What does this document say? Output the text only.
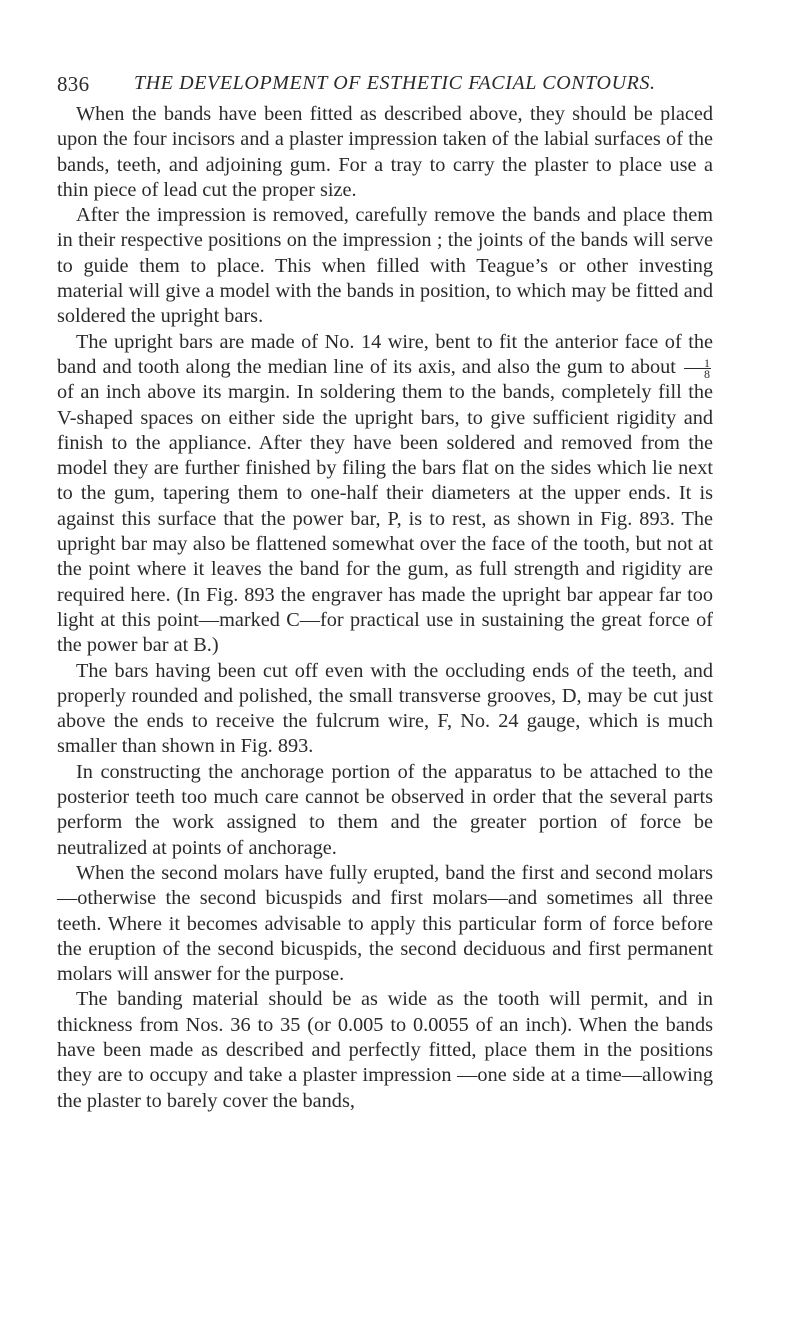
836 THE DEVELOPMENT OF ESTHETIC FACIAL CONTOURS.

When the bands have been fitted as described above, they should be placed upon the four incisors and a plaster impression taken of the labial surfaces of the bands, teeth, and adjoining gum. For a tray to carry the plaster to place use a thin piece of lead cut the proper size.

After the impression is removed, carefully remove the bands and place them in their respective positions on the impression ; the joints of the bands will serve to guide them to place. This when filled with Teague’s or other investing material will give a model with the bands in position, to which may be fitted and soldered the upright bars.

The upright bars are made of No. 14 wire, bent to fit the anterior face of the band and tooth along the median line of its axis, and also the gum to about $\frac{1}{8}$
of an inch above its margin. In soldering them to the bands, completely fill the V-shaped spaces on either side the upright bars, to give sufficient rigidity and finish to the appliance. After they have been soldered and removed from the model they are further finished by filing the bars flat on the sides which lie next to the gum, tapering them to one-half their diameters at the upper ends. It is against this surface that the power bar, P, is to rest, as shown in Fig. 893. The upright bar may also be flattened somewhat over the face of the tooth, but not at the point where it leaves the band for the gum, as full strength and rigidity are required here. (In Fig. 893 the engraver has made the upright bar appear far too light at this point—marked C—for practical use in sustaining the great force of the power bar at B.)

The bars having been cut off even with the occluding ends of the teeth, and properly rounded and polished, the small transverse grooves, D, may be cut just above the ends to receive the fulcrum wire, F, No. 24 gauge, which is much smaller than shown in Fig. 893.

In constructing the anchorage portion of the apparatus to be attached to the posterior teeth too much care cannot be observed in order that the several parts perform the work assigned to them and the greater portion of force be neutralized at points of anchorage.

When the second molars have fully erupted, band the first and second molars—otherwise the second bicuspids and first molars—and sometimes all three teeth. Where it becomes advisable to apply this particular form of force before the eruption of the second bicuspids, the second deciduous and first permanent molars will answer for the purpose.

The banding material should be as wide as the tooth will permit, and in thickness from Nos. 36 to 35 (or 0.005 to 0.0055 of an inch). When the bands have been made as described and perfectly fitted, place them in the positions they are to occupy and take a plaster impression —one side at a time—allowing the plaster to barely cover the bands,
